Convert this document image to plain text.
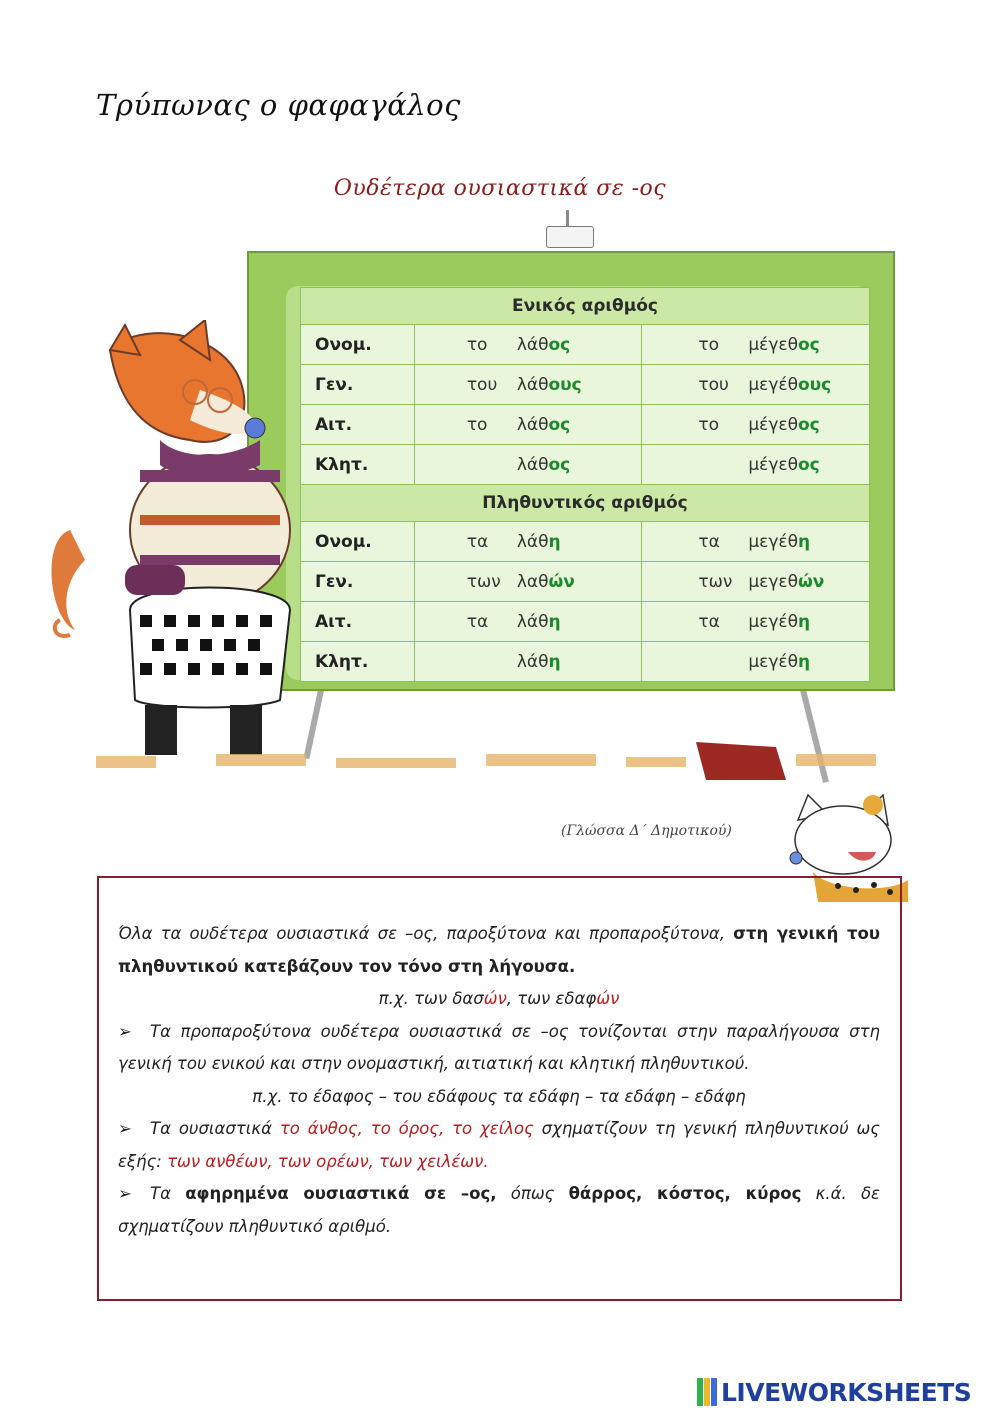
Τρύπωνας ο φαφαγάλος
Ουδέτερα ουσιαστικά σε -ος
Ενικός αριθμός		
Ονομ.	το λάθος	το μέγεθος
Γεν.	του λάθους	του μεγέθους
Αιτ.	το λάθος	το μέγεθος
Κλητ.	λάθος	μέγεθος
Πληθυντικός αριθμός		
Ονομ.	τα λάθη	τα μεγέθη
Γεν.	των λαθών	των μεγεθών
Αιτ.	τα λάθη	τα μεγέθη
Κλητ.	λάθη	μεγέθη
(Γλώσσα Δ΄ Δημοτικού)

Όλα τα ουδέτερα ουσιαστικά σε –ος, παροξύτονα και προπαροξύτονα, στη γενική του πληθυντικού κατεβάζουν τον τόνο στη λήγουσα.

π.χ. των δασών, των εδαφών

➢ Τα προπαροξύτονα ουδέτερα ουσιαστικά σε –ος τονίζονται στην παραλήγουσα στη γενική του ενικού και στην ονομαστική, αιτιατική και κλητική πληθυντικού.

π.χ. το έδαφος – του εδάφους τα εδάφη – τα εδάφη – εδάφη

➢ Τα ουσιαστικά το άνθος, το όρος, το χείλος σχηματίζουν τη γενική πληθυντικού ως εξής: των ανθέων, των ορέων, των χειλέων.

➢ Τα αφηρημένα ουσιαστικά σε –ος, όπως θάρρος, κόστος, κύρος κ.ά. δε σχηματίζουν πληθυντικό αριθμό.

LIVEWORKSHEETS
